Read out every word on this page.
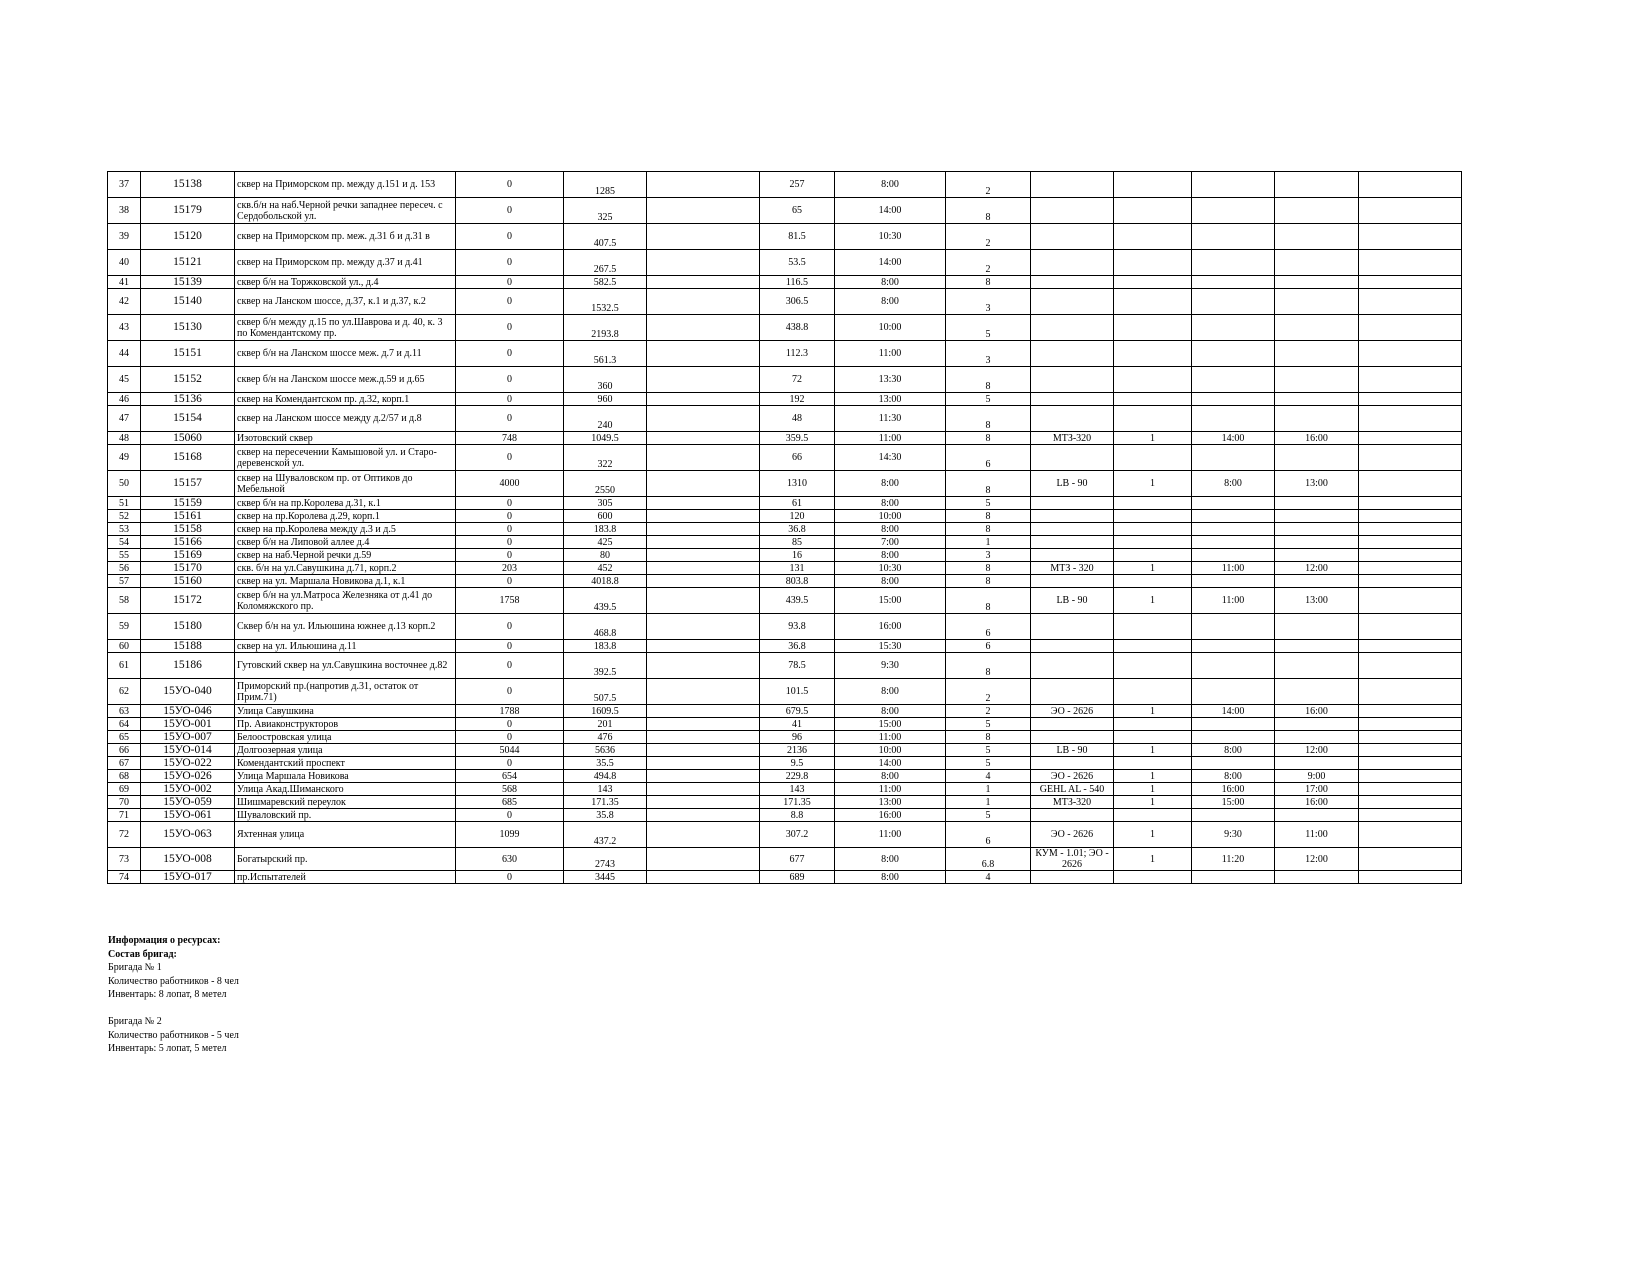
37	15138	сквер на Приморском пр. между д.151 и д. 153	0	1285		257	8:00	2					
38	15179	скв.б/н на наб.Черной речки западнее пересеч. с Сердобольской ул.	0	325		65	14:00	8					
39	15120	сквер на Приморском пр. меж. д.31 б и д.31 в	0	407.5		81.5	10:30	2					
40	15121	сквер на Приморском пр. между д.37 и д.41	0	267.5		53.5	14:00	2					
41	15139	сквер б/н на Торжковской ул., д.4	0	582.5		116.5	8:00	8					
42	15140	сквер на Ланском шоссе, д.37, к.1 и д.37, к.2	0	1532.5		306.5	8:00	3					
43	15130	сквер б/н между д.15 по ул.Шаврова и д. 40, к. 3 по Комендантскому пр.	0	2193.8		438.8	10:00	5					
44	15151	сквер б/н на Ланском шоссе меж. д.7 и д.11	0	561.3		112.3	11:00	3					
45	15152	сквер б/н на Ланском шоссе меж.д.59 и д.65	0	360		72	13:30	8					
46	15136	сквер на Комендантском пр. д.32, корп.1	0	960		192	13:00	5					
47	15154	сквер на Ланском шоссе между д.2/57 и д.8	0	240		48	11:30	8					
48	15060	Изотовский сквер	748	1049.5		359.5	11:00	8	МТЗ-320	1	14:00	16:00	
49	15168	сквер на пересечении Камышовой ул. и Старо-деревенской ул.	0	322		66	14:30	6					
50	15157	сквер на Шуваловском пр. от Оптиков до Мебельной	4000	2550		1310	8:00	8	LB - 90	1	8:00	13:00	
51	15159	сквер б/н на пр.Королева д.31, к.1	0	305		61	8:00	5					
52	15161	сквер на пр.Королева д.29, корп.1	0	600		120	10:00	8					
53	15158	сквер на пр.Королева между д.3 и д.5	0	183.8		36.8	8:00	8					
54	15166	сквер б/н на Липовой аллее д.4	0	425		85	7:00	1					
55	15169	сквер на наб.Черной речки д.59	0	80		16	8:00	3					
56	15170	скв. б/н на ул.Савушкина д.71, корп.2	203	452		131	10:30	8	МТЗ - 320	1	11:00	12:00	
57	15160	сквер на ул. Маршала Новикова д.1, к.1	0	4018.8		803.8	8:00	8					
58	15172	сквер б/н на ул.Матроса Железняка от д.41 до Коломяжского пр.	1758	439.5		439.5	15:00	8	LB - 90	1	11:00	13:00	
59	15180	Сквер б/н на ул. Ильюшина южнее д.13 корп.2	0	468.8		93.8	16:00	6					
60	15188	сквер на ул. Ильюшина д.11	0	183.8		36.8	15:30	6					
61	15186	Гутовский сквер на ул.Савушкина восточнее д.82	0	392.5		78.5	9:30	8					
62	15УО-040	Приморский пр.(напротив д.31, остаток от Прим.71)	0	507.5		101.5	8:00	2					
63	15УО-046	Улица Савушкина	1788	1609.5		679.5	8:00	2	ЭО - 2626	1	14:00	16:00	
64	15УО-001	Пр. Авиаконструкторов	0	201		41	15:00	5					
65	15УО-007	Белоостровская улица	0	476		96	11:00	8					
66	15УО-014	Долгоозерная улица	5044	5636		2136	10:00	5	LB - 90	1	8:00	12:00	
67	15УО-022	Комендантский проспект	0	35.5		9.5	14:00	5					
68	15УО-026	Улица Маршала Новикова	654	494.8		229.8	8:00	4	ЭО - 2626	1	8:00	9:00	
69	15УО-002	Улица Акад.Шиманского	568	143		143	11:00	1	GEHL AL - 540	1	16:00	17:00	
70	15УО-059	Шишмаревский переулок	685	171.35		171.35	13:00	1	МТЗ-320	1	15:00	16:00	
71	15УО-061	Шуваловский пр.	0	35.8		8.8	16:00	5					
72	15УО-063	Яхтенная улица	1099	437.2		307.2	11:00	6	ЭО - 2626	1	9:30	11:00	
73	15УО-008	Богатырский пр.	630	2743		677	8:00	6.8	КУМ - 1.01; ЭО - 2626	1	11:20	12:00	
74	15УО-017	пр.Испытателей	0	3445		689	8:00	4					
Информация о ресурсах:
Состав бригад:
Бригада № 1
Количество работников - 8 чел
Инвентарь: 8 лопат, 8 метел
Бригада № 2
Количество работников - 5 чел
Инвентарь: 5 лопат, 5 метел
